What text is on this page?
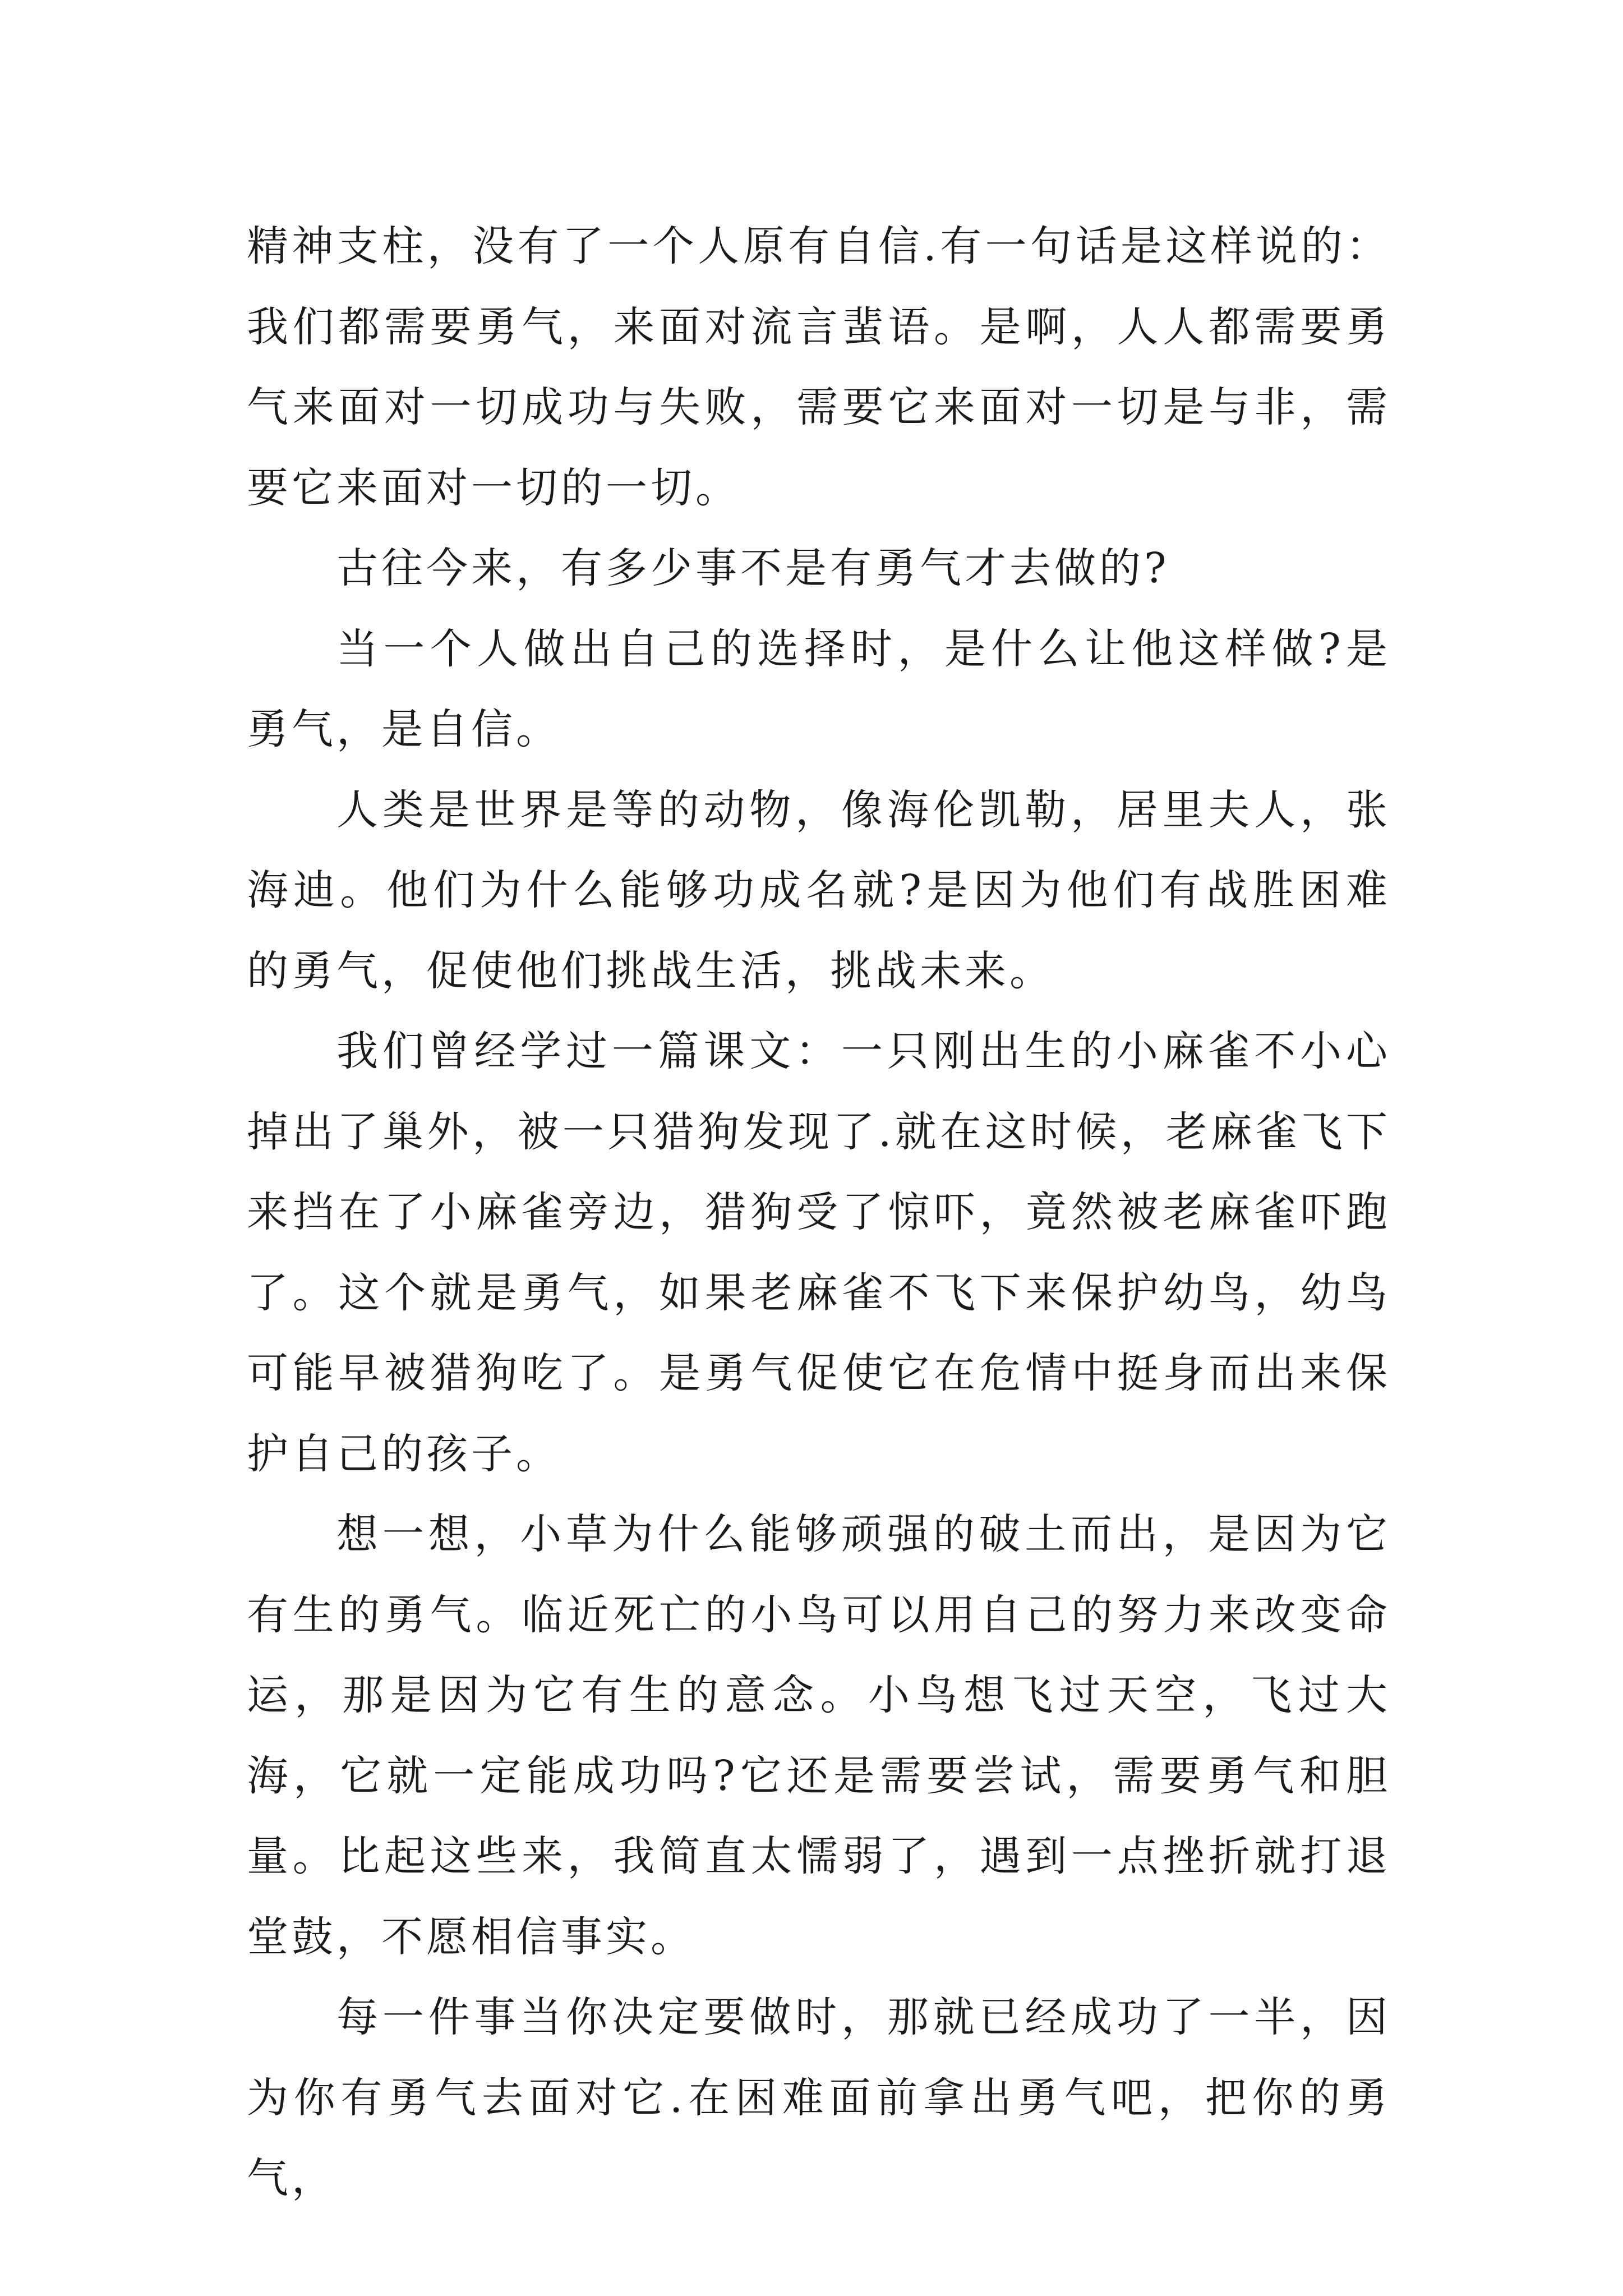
精神支柱，没有了一个人原有自信.有一句话是这样说的：我们都需要勇气，来面对流言蜚语。是啊，人人都需要勇气来面对一切成功与失败，需要它来面对一切是与非，需要它来面对一切的一切。

古往今来，有多少事不是有勇气才去做的?

当一个人做出自己的选择时，是什么让他这样做?是勇气，是自信。

人类是世界是等的动物，像海伦凯勒，居里夫人，张海迪。他们为什么能够功成名就?是因为他们有战胜困难的勇气，促使他们挑战生活，挑战未来。

我们曾经学过一篇课文：一只刚出生的小麻雀不小心掉出了巢外，被一只猎狗发现了.就在这时候，老麻雀飞下来挡在了小麻雀旁边，猎狗受了惊吓，竟然被老麻雀吓跑了。这个就是勇气，如果老麻雀不飞下来保护幼鸟，幼鸟可能早被猎狗吃了。是勇气促使它在危情中挺身而出来保护自己的孩子。

想一想，小草为什么能够顽强的破土而出，是因为它有生的勇气。临近死亡的小鸟可以用自己的努力来改变命运，那是因为它有生的意念。小鸟想飞过天空，飞过大海，它就一定能成功吗?它还是需要尝试，需要勇气和胆量。比起这些来，我简直太懦弱了，遇到一点挫折就打退堂鼓，不愿相信事实。

每一件事当你决定要做时，那就已经成功了一半，因为你有勇气去面对它.在困难面前拿出勇气吧，把你的勇气，
